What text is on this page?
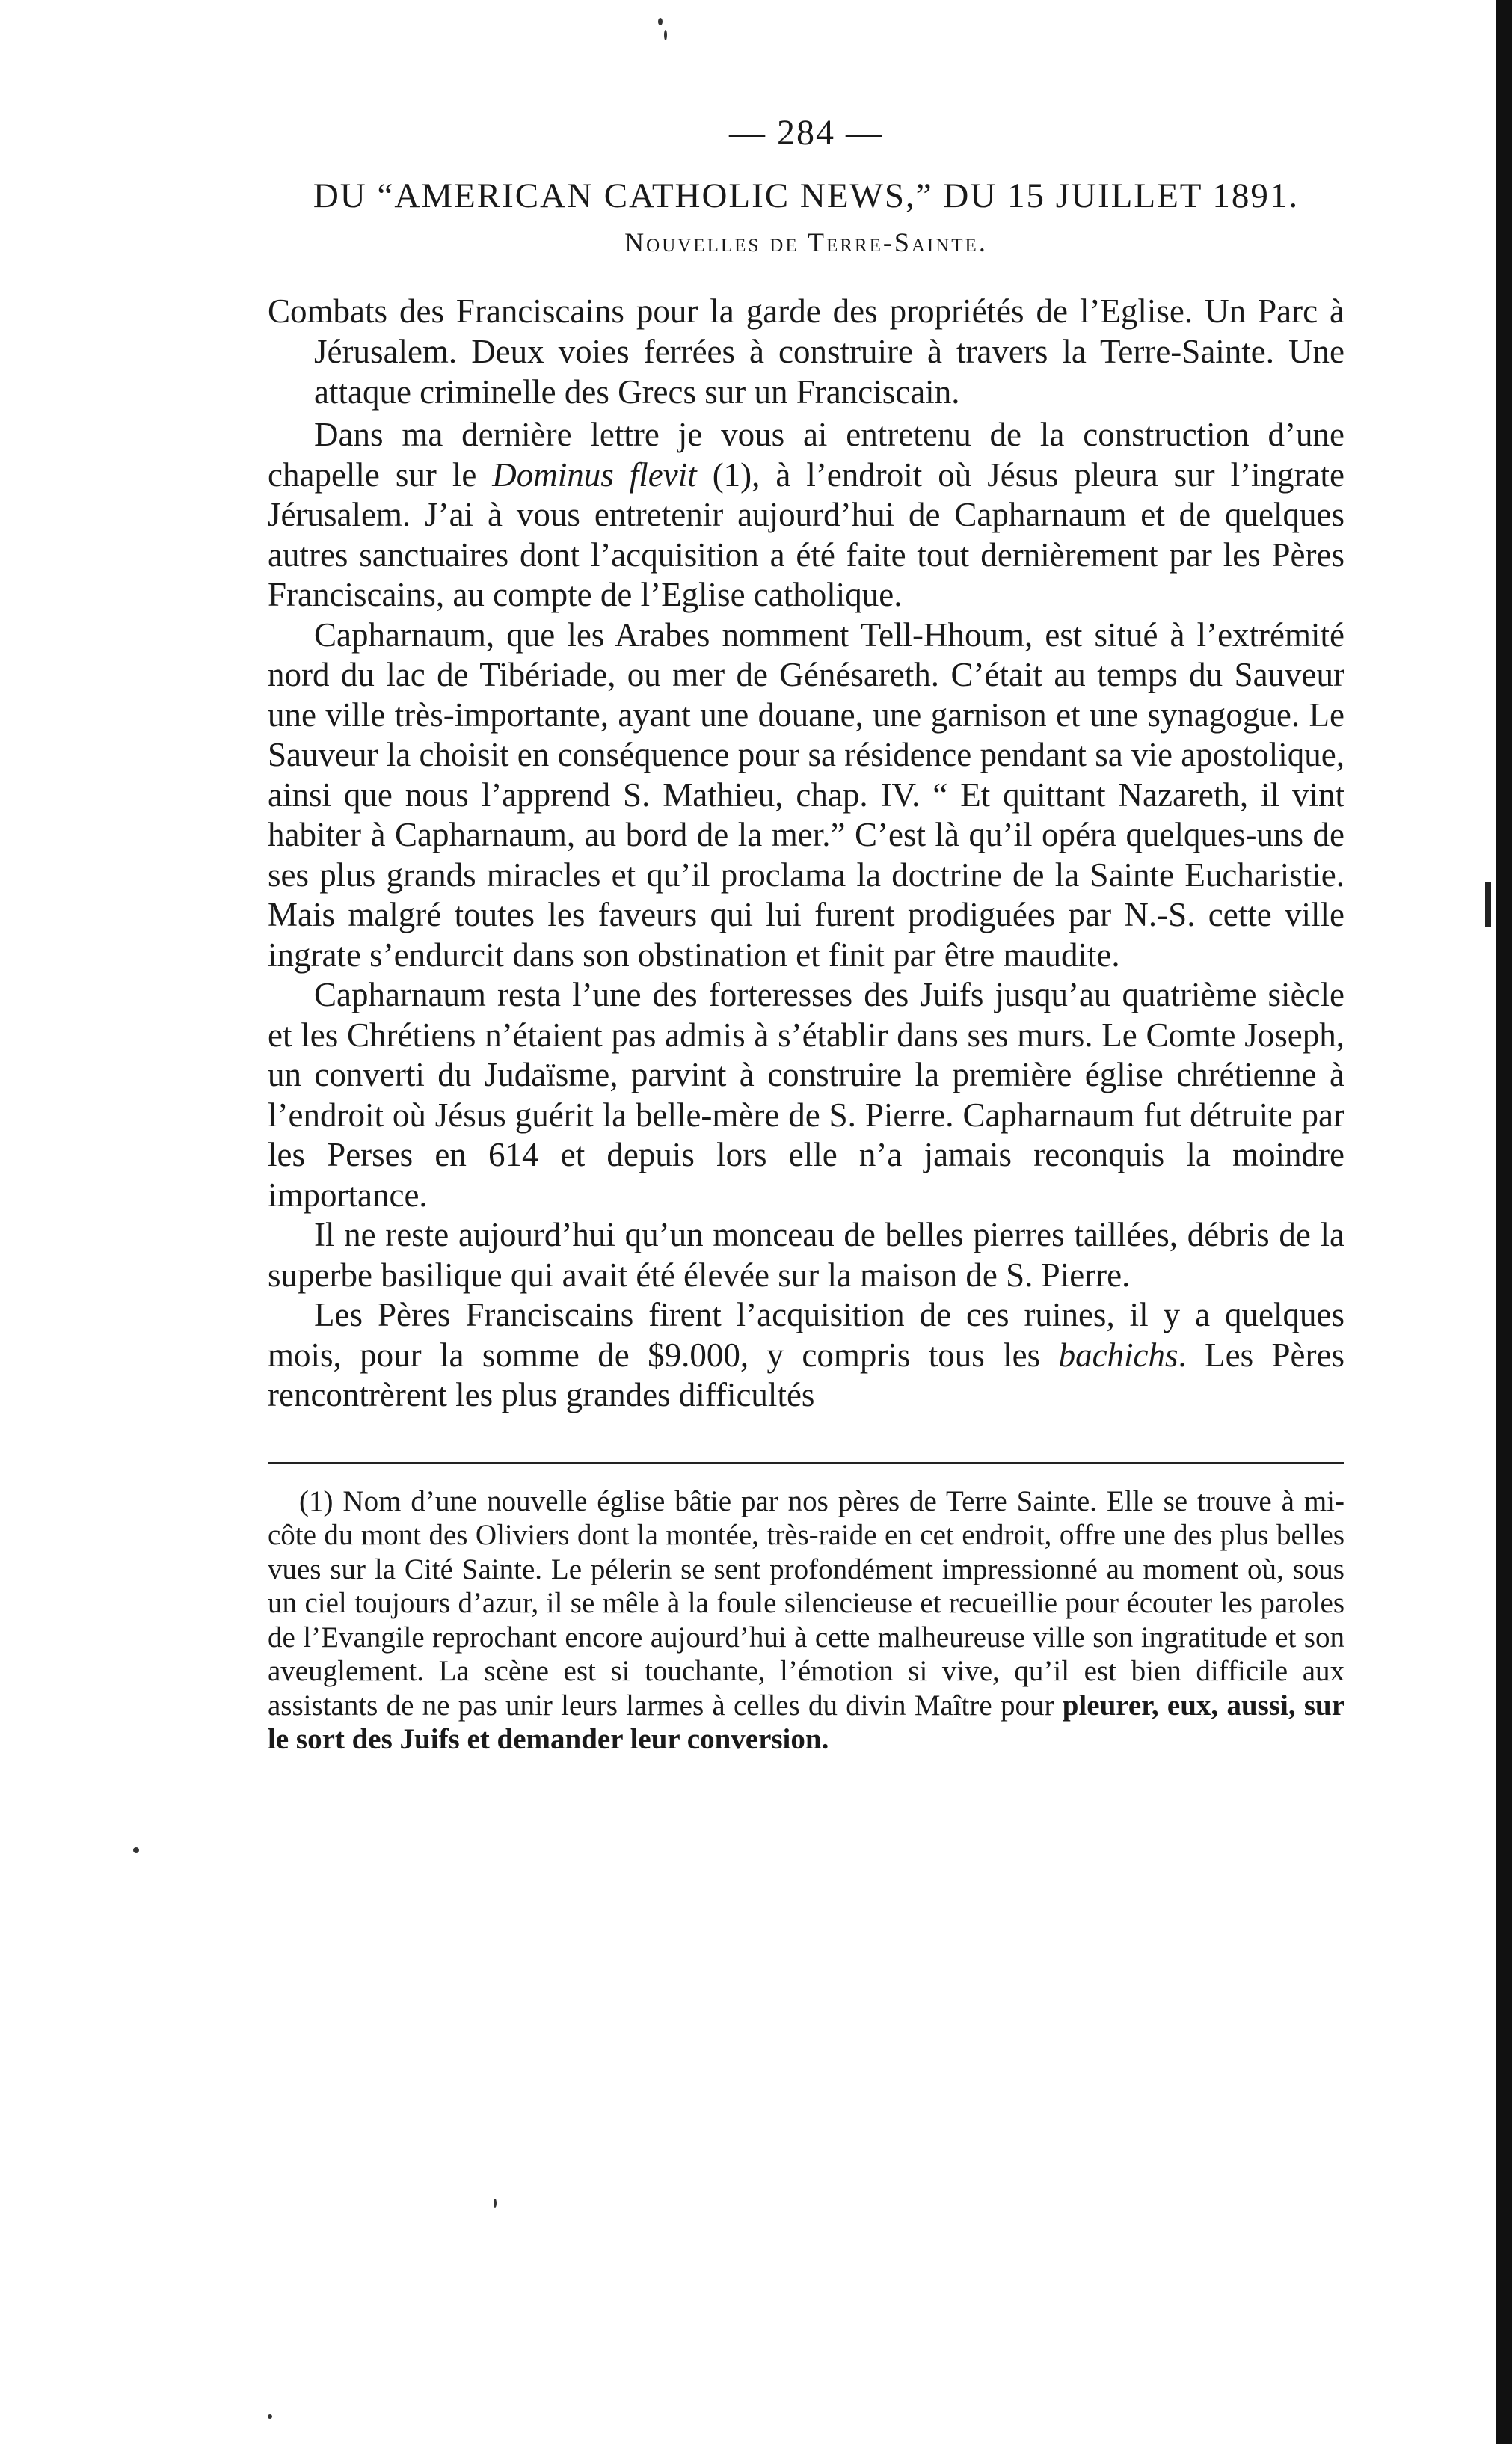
— 284 —
DU “AMERICAN CATHOLIC NEWS,” DU 15 JUILLET 1891.
Nouvelles de Terre-Sainte.

Combats des Franciscains pour la garde des propriétés de l’Eglise. Un Parc à Jérusalem. Deux voies ferrées à construire à travers la Terre-Sainte. Une attaque criminelle des Grecs sur un Franciscain.

Dans ma dernière lettre je vous ai entretenu de la construction d’une chapelle sur le Dominus flevit (1), à l’endroit où Jésus pleura sur l’ingrate Jérusalem. J’ai à vous entretenir aujourd’hui de Capharnaum et de quelques autres sanctuaires dont l’acquisition a été faite tout dernièrement par les Pères Franciscains, au compte de l’Eglise catholique.

Capharnaum, que les Arabes nomment Tell-Hhoum, est situé à l’extrémité nord du lac de Tibériade, ou mer de Génésareth. C’était au temps du Sauveur une ville très-importante, ayant une douane, une garnison et une synagogue. Le Sauveur la choisit en conséquence pour sa résidence pendant sa vie apostolique, ainsi que nous l’apprend S. Mathieu, chap. IV. “ Et quittant Nazareth, il vint habiter à Capharnaum, au bord de la mer.” C’est là qu’il opéra quelques-uns de ses plus grands miracles et qu’il proclama la doctrine de la Sainte Eucharistie. Mais malgré toutes les faveurs qui lui furent prodiguées par N.-S. cette ville ingrate s’endurcit dans son obstination et finit par être maudite.

Capharnaum resta l’une des forteresses des Juifs jusqu’au quatrième siècle et les Chrétiens n’étaient pas admis à s’établir dans ses murs. Le Comte Joseph, un converti du Judaïsme, parvint à construire la première église chrétienne à l’endroit où Jésus guérit la belle-mère de S. Pierre. Capharnaum fut détruite par les Perses en 614 et depuis lors elle n’a jamais reconquis la moindre importance.

Il ne reste aujourd’hui qu’un monceau de belles pierres taillées, débris de la superbe basilique qui avait été élevée sur la maison de S. Pierre.

Les Pères Franciscains firent l’acquisition de ces ruines, il y a quelques mois, pour la somme de $9.000, y compris tous les bachichs. Les Pères rencontrèrent les plus grandes difficultés

(1) Nom d’une nouvelle église bâtie par nos pères de Terre Sainte. Elle se trouve à mi-côte du mont des Oliviers dont la montée, très-raide en cet endroit, offre une des plus belles vues sur la Cité Sainte. Le pélerin se sent profondément impressionné au moment où, sous un ciel toujours d’azur, il se mêle à la foule silencieuse et recueillie pour écouter les paroles de l’Evangile reprochant encore aujourd’hui à cette malheureuse ville son ingratitude et son aveuglement. La scène est si touchante, l’émotion si vive, qu’il est bien difficile aux assistants de ne pas unir leurs larmes à celles du divin Maître pour pleurer, eux, aussi, sur le sort des Juifs et demander leur conversion.
